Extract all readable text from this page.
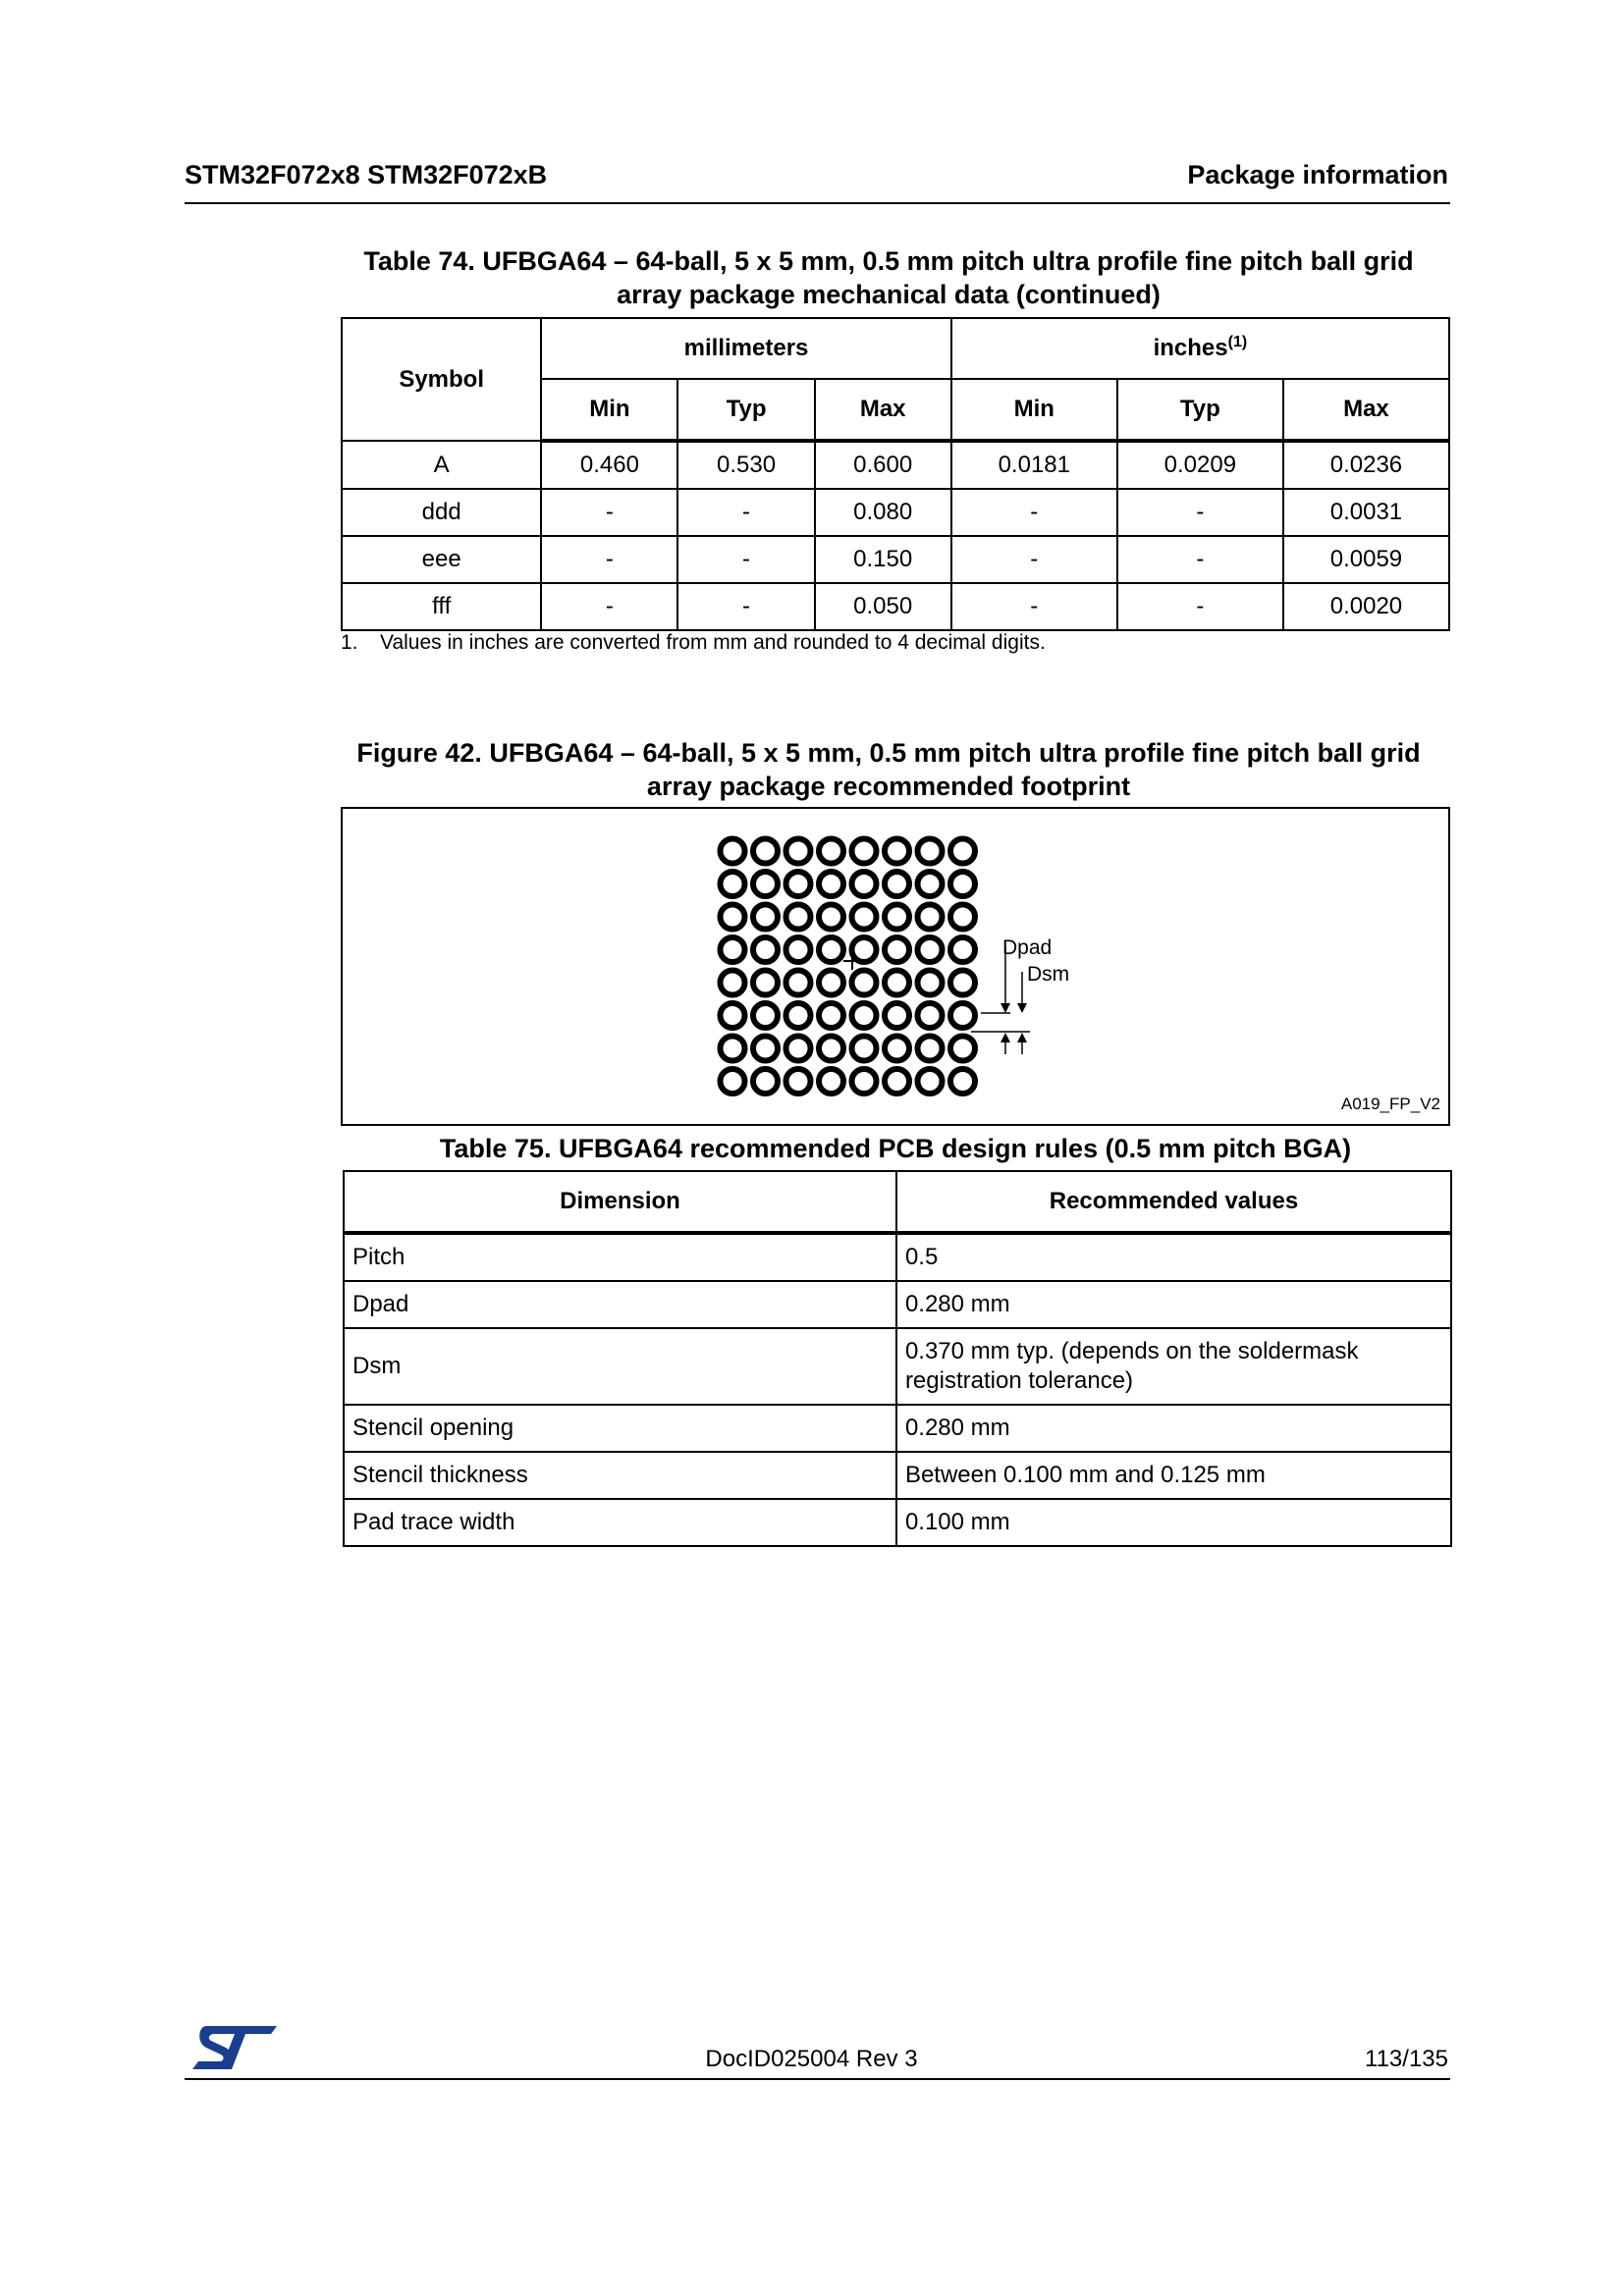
STM32F072x8 STM32F072xB	Package information
Table 74. UFBGA64 – 64-ball, 5 x 5 mm, 0.5 mm pitch ultra profile fine pitch ball grid
array package mechanical data (continued)
Symbol	millimeters			inches$^{(1)}$
	Min	Typ	Max	Min	Typ	Max
A	0.460	0.530	0.600	0.0181	0.0209	0.0236
ddd	-	-	0.080	-	-	0.0031
eee	-	-	0.150	-	-	0.0059
fff	-	-	0.050	-	-	0.0020
1. Values in inches are converted from mm and rounded to 4 decimal digits.
Figure 42. UFBGA64 – 64-ball, 5 x 5 mm, 0.5 mm pitch ultra profile fine pitch ball grid
array package recommended footprint
Dpad
Dsm
A019_FP_V2
Table 75. UFBGA64 recommended PCB design rules (0.5 mm pitch BGA)
Dimension	Recommended values
Pitch	0.5
Dpad	0.280 mm
Dsm	0.370 mm typ. (depends on the soldermask registration tolerance)
Stencil opening	0.280 mm
Stencil thickness	Between 0.100 mm and 0.125 mm
Pad trace width	0.100 mm
DocID025004 Rev 3	113/135
